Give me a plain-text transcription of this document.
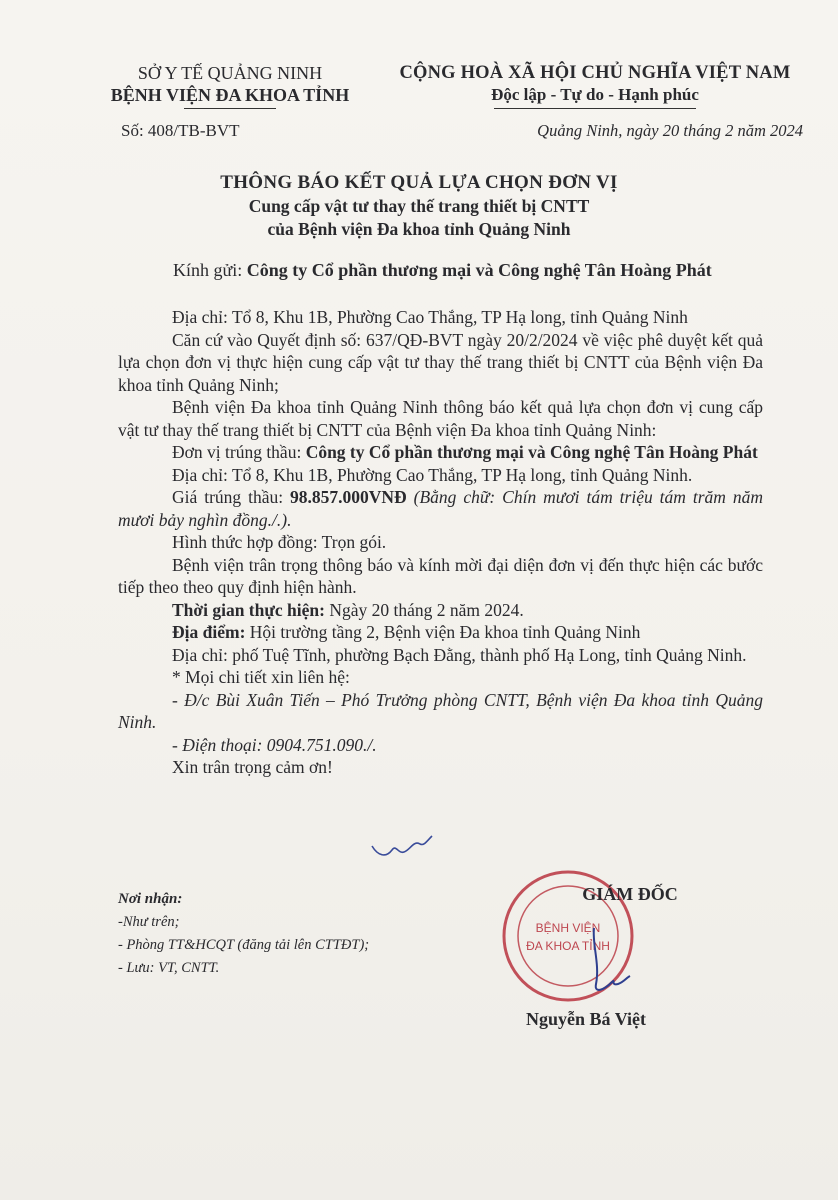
SỞ Y TẾ QUẢNG NINH
BỆNH VIỆN ĐA KHOA TỈNH
CỘNG HOÀ XÃ HỘI CHỦ NGHĨA VIỆT NAM
Độc lập - Tự do - Hạnh phúc
Số: 408/TB-BVT	Quảng Ninh, ngày 20 tháng 2 năm 2024
THÔNG BÁO KẾT QUẢ LỰA CHỌN ĐƠN VỊ
Cung cấp vật tư thay thế trang thiết bị CNTT
của Bệnh viện Đa khoa tỉnh Quảng Ninh
Kính gửi: Công ty Cổ phần thương mại và Công nghệ Tân Hoàng Phát

Địa chỉ: Tổ 8, Khu 1B, Phường Cao Thắng, TP Hạ long, tỉnh Quảng Ninh

Căn cứ vào Quyết định số: 637/QĐ-BVT ngày 20/2/2024 về việc phê duyệt kết quả lựa chọn đơn vị thực hiện cung cấp vật tư thay thế trang thiết bị CNTT của Bệnh viện Đa khoa tỉnh Quảng Ninh;

Bệnh viện Đa khoa tỉnh Quảng Ninh thông báo kết quả lựa chọn đơn vị cung cấp vật tư thay thế trang thiết bị CNTT của Bệnh viện Đa khoa tỉnh Quảng Ninh:

Đơn vị trúng thầu: Công ty Cổ phần thương mại và Công nghệ Tân Hoàng Phát

Địa chỉ: Tổ 8, Khu 1B, Phường Cao Thắng, TP Hạ long, tỉnh Quảng Ninh.

Giá trúng thầu: 98.857.000VNĐ (Bằng chữ: Chín mươi tám triệu tám trăm năm mươi bảy nghìn đồng./.).

Hình thức hợp đồng: Trọn gói.

Bệnh viện trân trọng thông báo và kính mời đại diện đơn vị đến thực hiện các bước tiếp theo theo quy định hiện hành.

Thời gian thực hiện: Ngày 20 tháng 2 năm 2024.

Địa điểm: Hội trường tầng 2, Bệnh viện Đa khoa tỉnh Quảng Ninh

Địa chỉ: phố Tuệ Tĩnh, phường Bạch Đằng, thành phố Hạ Long, tỉnh Quảng Ninh.

* Mọi chi tiết xin liên hệ:

- Đ/c Bùi Xuân Tiến – Phó Trưởng phòng CNTT, Bệnh viện Đa khoa tỉnh Quảng Ninh.

- Điện thoại: 0904.751.090./.

Xin trân trọng cảm ơn!

Nơi nhận:
-Như trên;
- Phòng TT&HCQT (đăng tải lên CTTĐT);
- Lưu: VT, CNTT.
BỆNH VIỆN
ĐA KHOA TỈNH
GIÁM ĐỐC
Nguyễn Bá Việt
